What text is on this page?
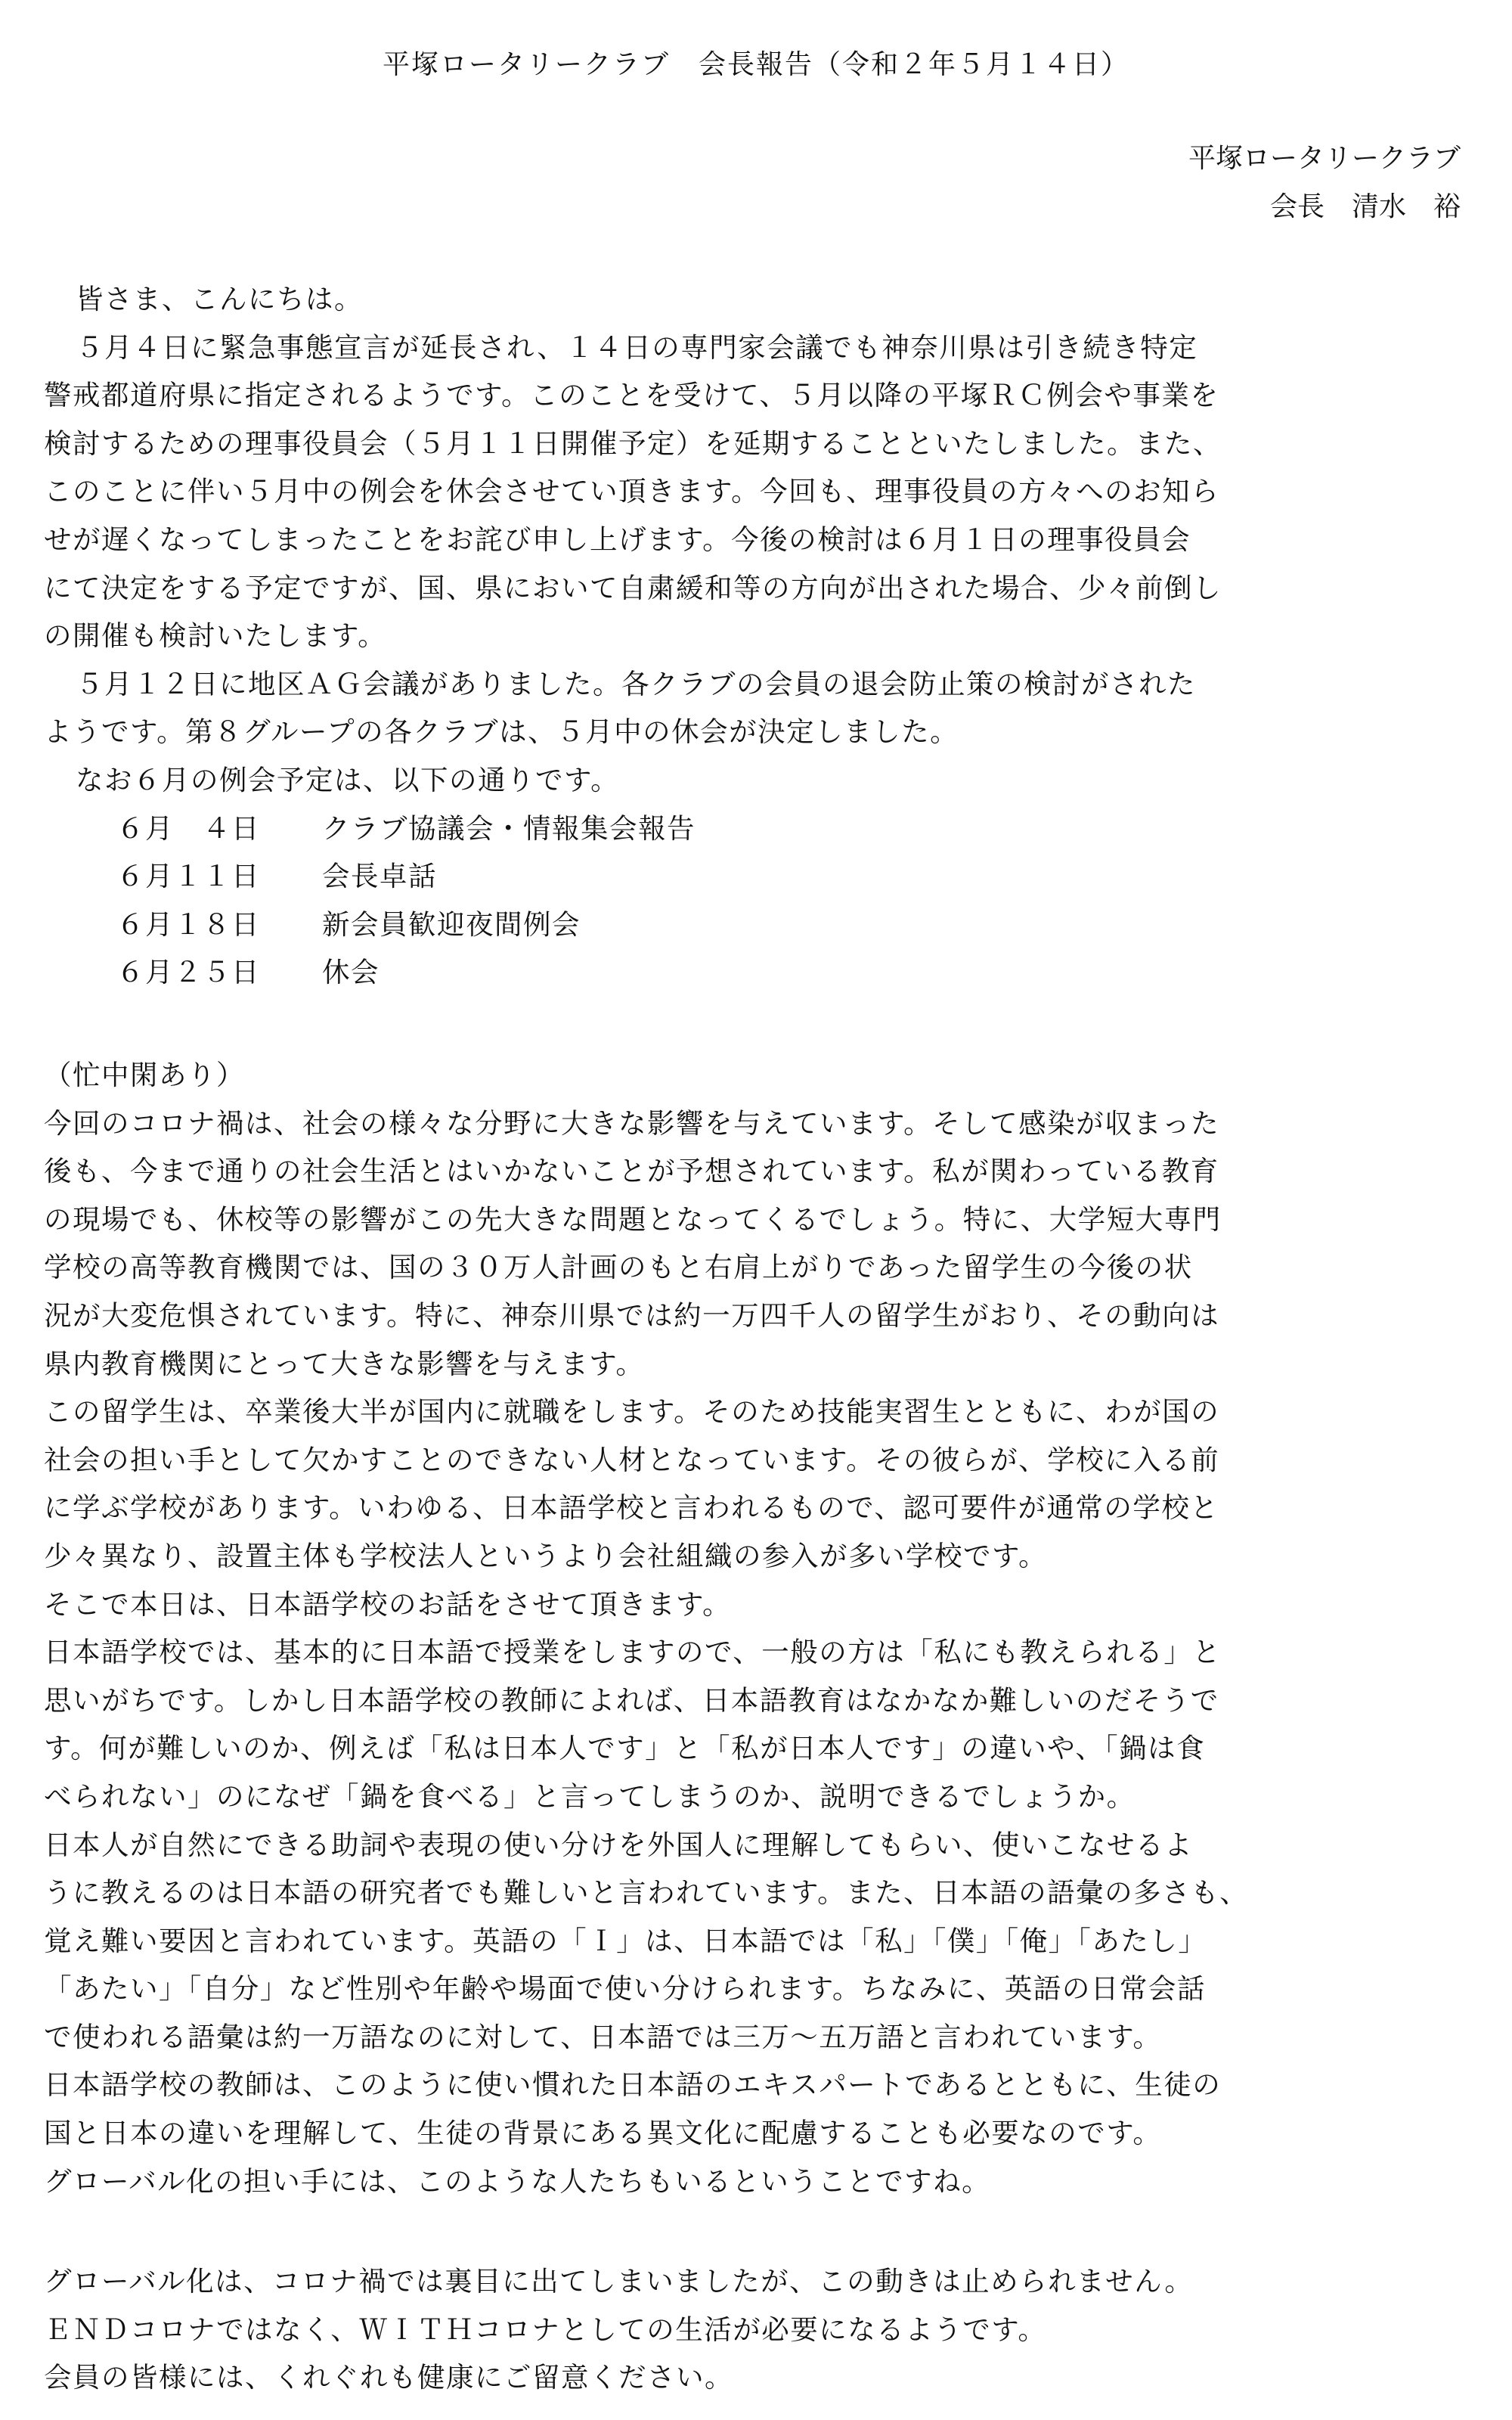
平塚ロータリークラブ　会長報告（令和２年５月１４日）
平塚ロータリークラブ
会長　清水　裕
皆さま、こんにちは。
５月４日に緊急事態宣言が延長され、１４日の専門家会議でも神奈川県は引き続き特定
警戒都道府県に指定されるようです。このことを受けて、５月以降の平塚ＲＣ例会や事業を
検討するための理事役員会（５月１１日開催予定）を延期することといたしました。また、
このことに伴い５月中の例会を休会させてい頂きます。今回も、理事役員の方々へのお知ら
せが遅くなってしまったことをお詫び申し上げます。今後の検討は６月１日の理事役員会
にて決定をする予定ですが、国、県において自粛緩和等の方向が出された場合、少々前倒し
の開催も検討いたします。
５月１２日に地区ＡＧ会議がありました。各クラブの会員の退会防止策の検討がされた
ようです。第８グループの各クラブは、５月中の休会が決定しました。
なお６月の例会予定は、以下の通りです。
６月　４日 クラブ協議会・情報集会報告
６月１１日 会長卓話
６月１８日 新会員歓迎夜間例会
６月２５日 休会
（忙中閑あり）
今回のコロナ禍は、社会の様々な分野に大きな影響を与えています。そして感染が収まった
後も、今まで通りの社会生活とはいかないことが予想されています。私が関わっている教育
の現場でも、休校等の影響がこの先大きな問題となってくるでしょう。特に、大学短大専門
学校の高等教育機関では、国の３０万人計画のもと右肩上がりであった留学生の今後の状
況が大変危惧されています。特に、神奈川県では約一万四千人の留学生がおり、その動向は
県内教育機関にとって大きな影響を与えます。
この留学生は、卒業後大半が国内に就職をします。そのため技能実習生とともに、わが国の
社会の担い手として欠かすことのできない人材となっています。その彼らが、学校に入る前
に学ぶ学校があります。いわゆる、日本語学校と言われるもので、認可要件が通常の学校と
少々異なり、設置主体も学校法人というより会社組織の参入が多い学校です。
そこで本日は、日本語学校のお話をさせて頂きます。
日本語学校では、基本的に日本語で授業をしますので、一般の方は「私にも教えられる」と
思いがちです。しかし日本語学校の教師によれば、日本語教育はなかなか難しいのだそうで
す。何が難しいのか、例えば「私は日本人です」と「私が日本人です」の違いや、「鍋は食
べられない」のになぜ「鍋を食べる」と言ってしまうのか、説明できるでしょうか。
日本人が自然にできる助詞や表現の使い分けを外国人に理解してもらい、使いこなせるよ
うに教えるのは日本語の研究者でも難しいと言われています。また、日本語の語彙の多さも、
覚え難い要因と言われています。英語の「Ｉ」は、日本語では「私」「僕」「俺」「あたし」
「あたい」「自分」など性別や年齢や場面で使い分けられます。ちなみに、英語の日常会話
で使われる語彙は約一万語なのに対して、日本語では三万～五万語と言われています。
日本語学校の教師は、このように使い慣れた日本語のエキスパートであるとともに、生徒の
国と日本の違いを理解して、生徒の背景にある異文化に配慮することも必要なのです。
グローバル化の担い手には、このような人たちもいるということですね。
グローバル化は、コロナ禍では裏目に出てしまいましたが、この動きは止められません。
ＥＮＤコロナではなく、ＷＩＴＨコロナとしての生活が必要になるようです。
会員の皆様には、くれぐれも健康にご留意ください。
